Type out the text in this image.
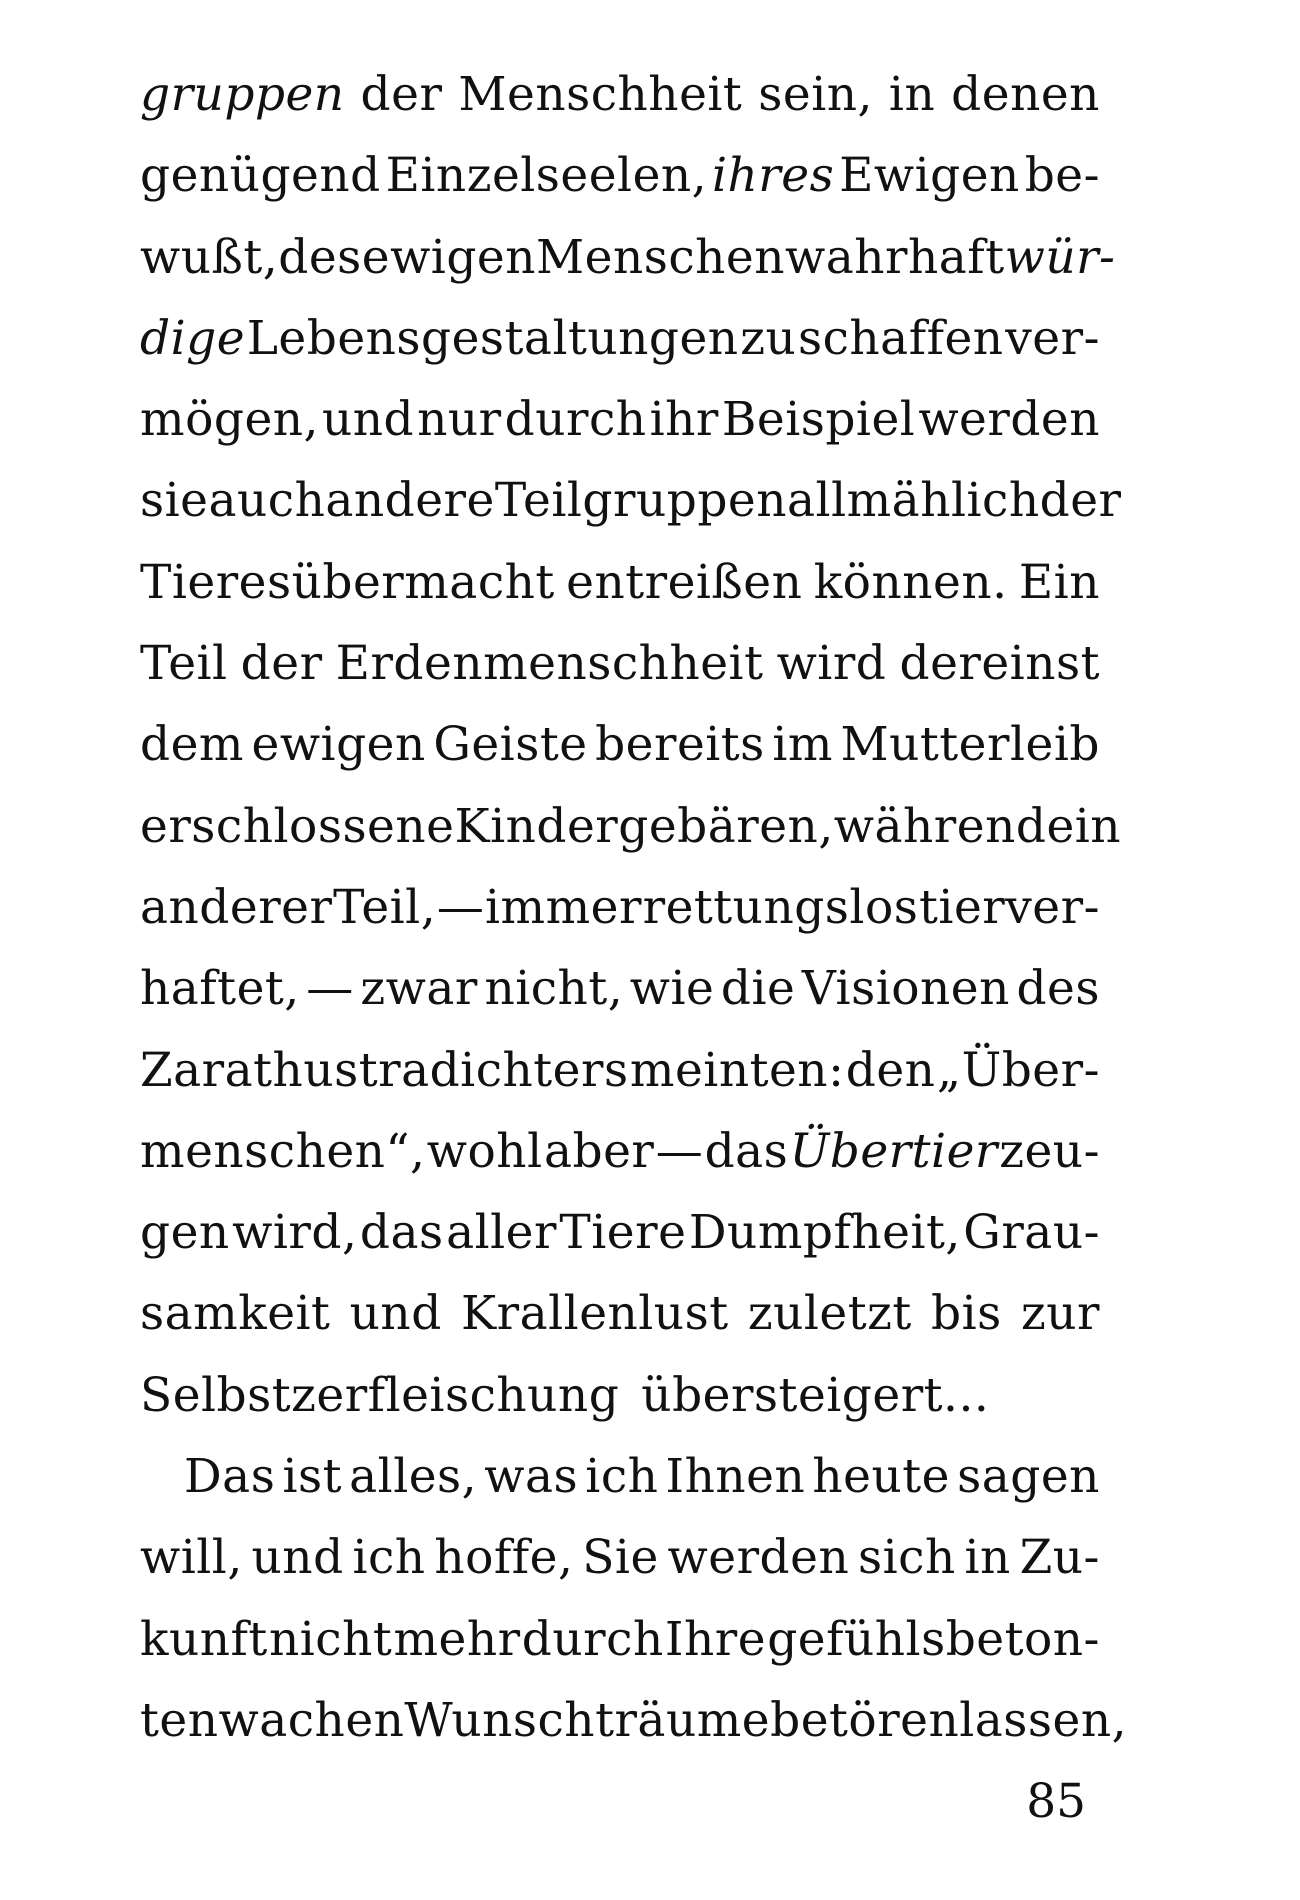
gruppen der Menschheit sein, in denen
genügend Einzelseelen, ihres Ewigen be-
wußt, des ewigen Menschen wahrhaft wür-
dige Lebensgestaltungen zu schaffen ver-
mögen, und nur durch ihr Beispiel werden
sie auch andere Teilgruppen allmählich der
Tieresübermacht entreißen können. Ein
Teil der Erdenmenschheit wird dereinst
dem ewigen Geiste bereits im Mutterleib
erschlossene Kinder gebären, während ein
anderer Teil, — immer rettungslos tierver-
haftet, — zwar nicht, wie die Visionen des
Zarathustradichters meinten: den „Über-
menschen“, wohl aber — das Übertier zeu-
gen wird, das aller Tiere Dumpfheit, Grau-
samkeit und Krallenlust zuletzt bis zur
Selbstzerfleischung übersteigert...
Das ist alles, was ich Ihnen heute sagen
will, und ich hoffe, Sie werden sich in Zu-
kunft nicht mehr durch Ihre gefühlsbeton-
ten wachen Wunschträume betören lassen,
85
